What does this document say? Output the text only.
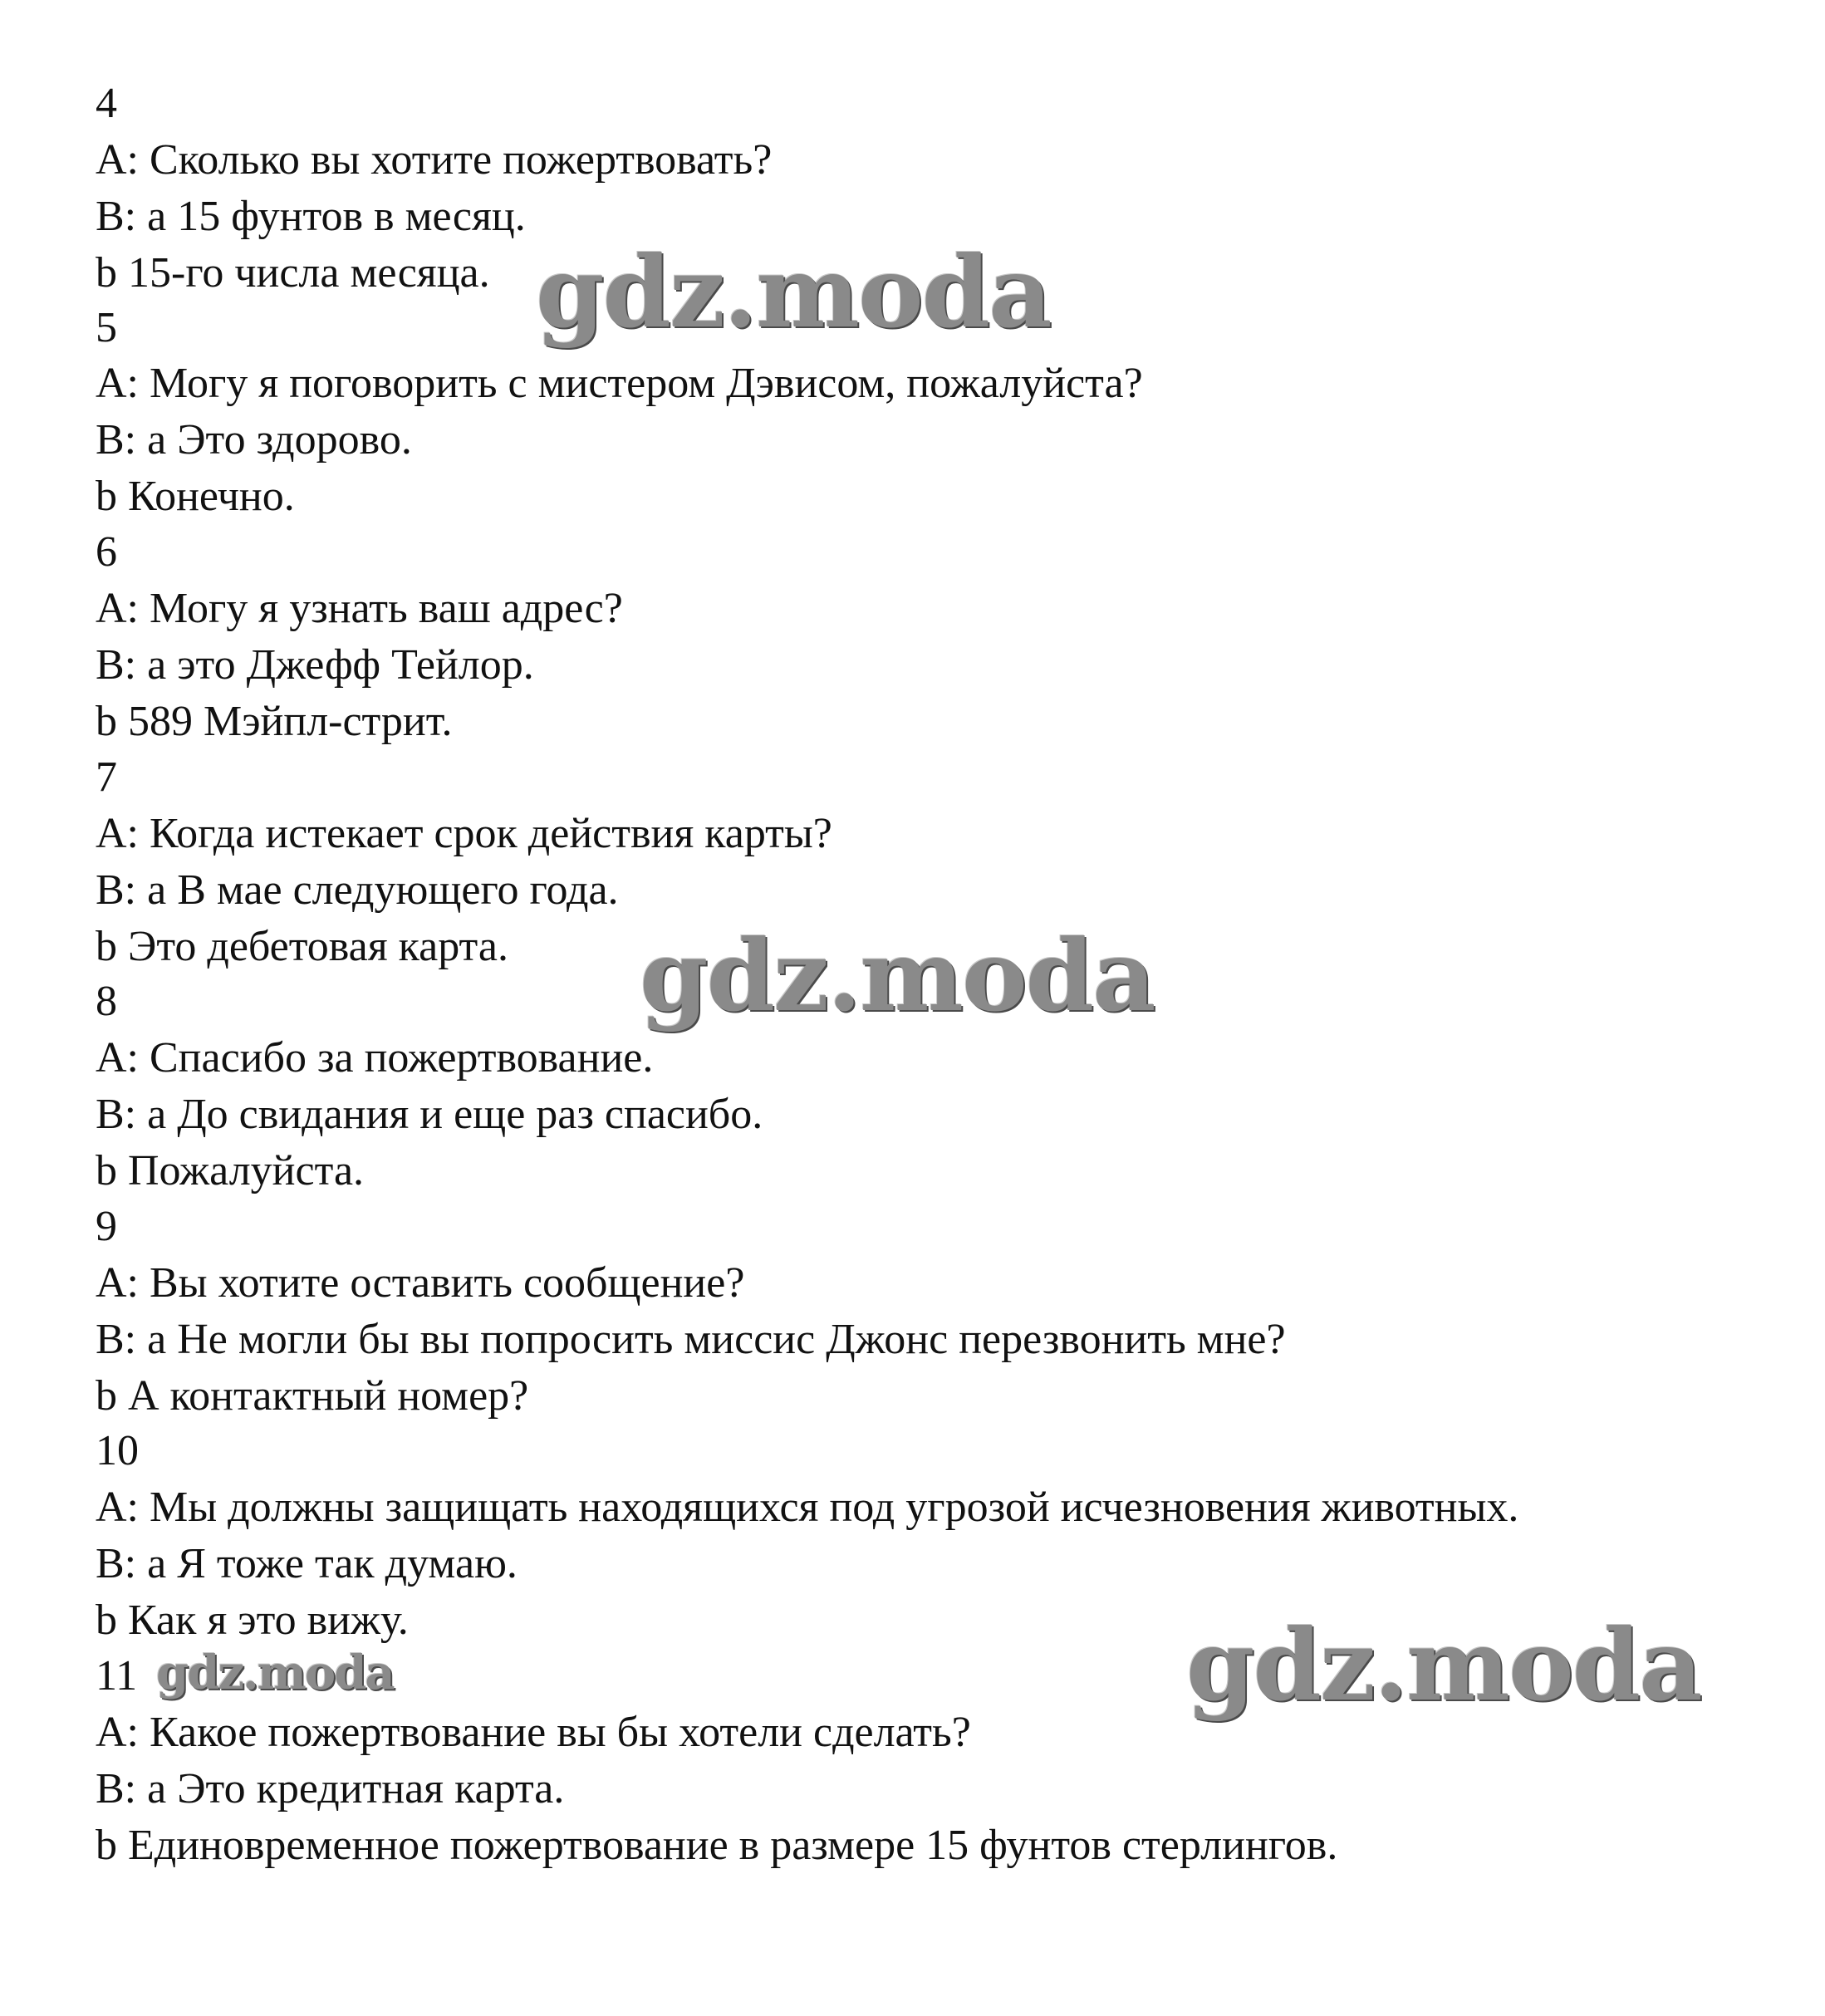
4
A: Сколько вы хотите пожертвовать?
B: a 15 фунтов в месяц.
b 15-го числа месяца.
5
A: Могу я поговорить с мистером Дэвисом, пожалуйста?
B: a Это здорово.
b Конечно.
6
A: Могу я узнать ваш адрес?
B: a это Джефф Тейлор.
b 589 Мэйпл-стрит.
7
A: Когда истекает срок действия карты?
B: a В мае следующего года.
b Это дебетовая карта.
8
A: Спасибо за пожертвование.
B: a До свидания и еще раз спасибо.
b Пожалуйста.
9
A: Вы хотите оставить сообщение?
B: a Не могли бы вы попросить миссис Джонс перезвонить мне?
b А контактный номер?
10
A: Мы должны защищать находящихся под угрозой исчезновения животных.
B: a Я тоже так думаю.
b Как я это вижу.
11
A: Какое пожертвование вы бы хотели сделать?
B: a Это кредитная карта.
b Единовременное пожертвование в размере 15 фунтов стерлингов.
gdz.moda
gdz.moda
gdz.moda
gdz.moda
